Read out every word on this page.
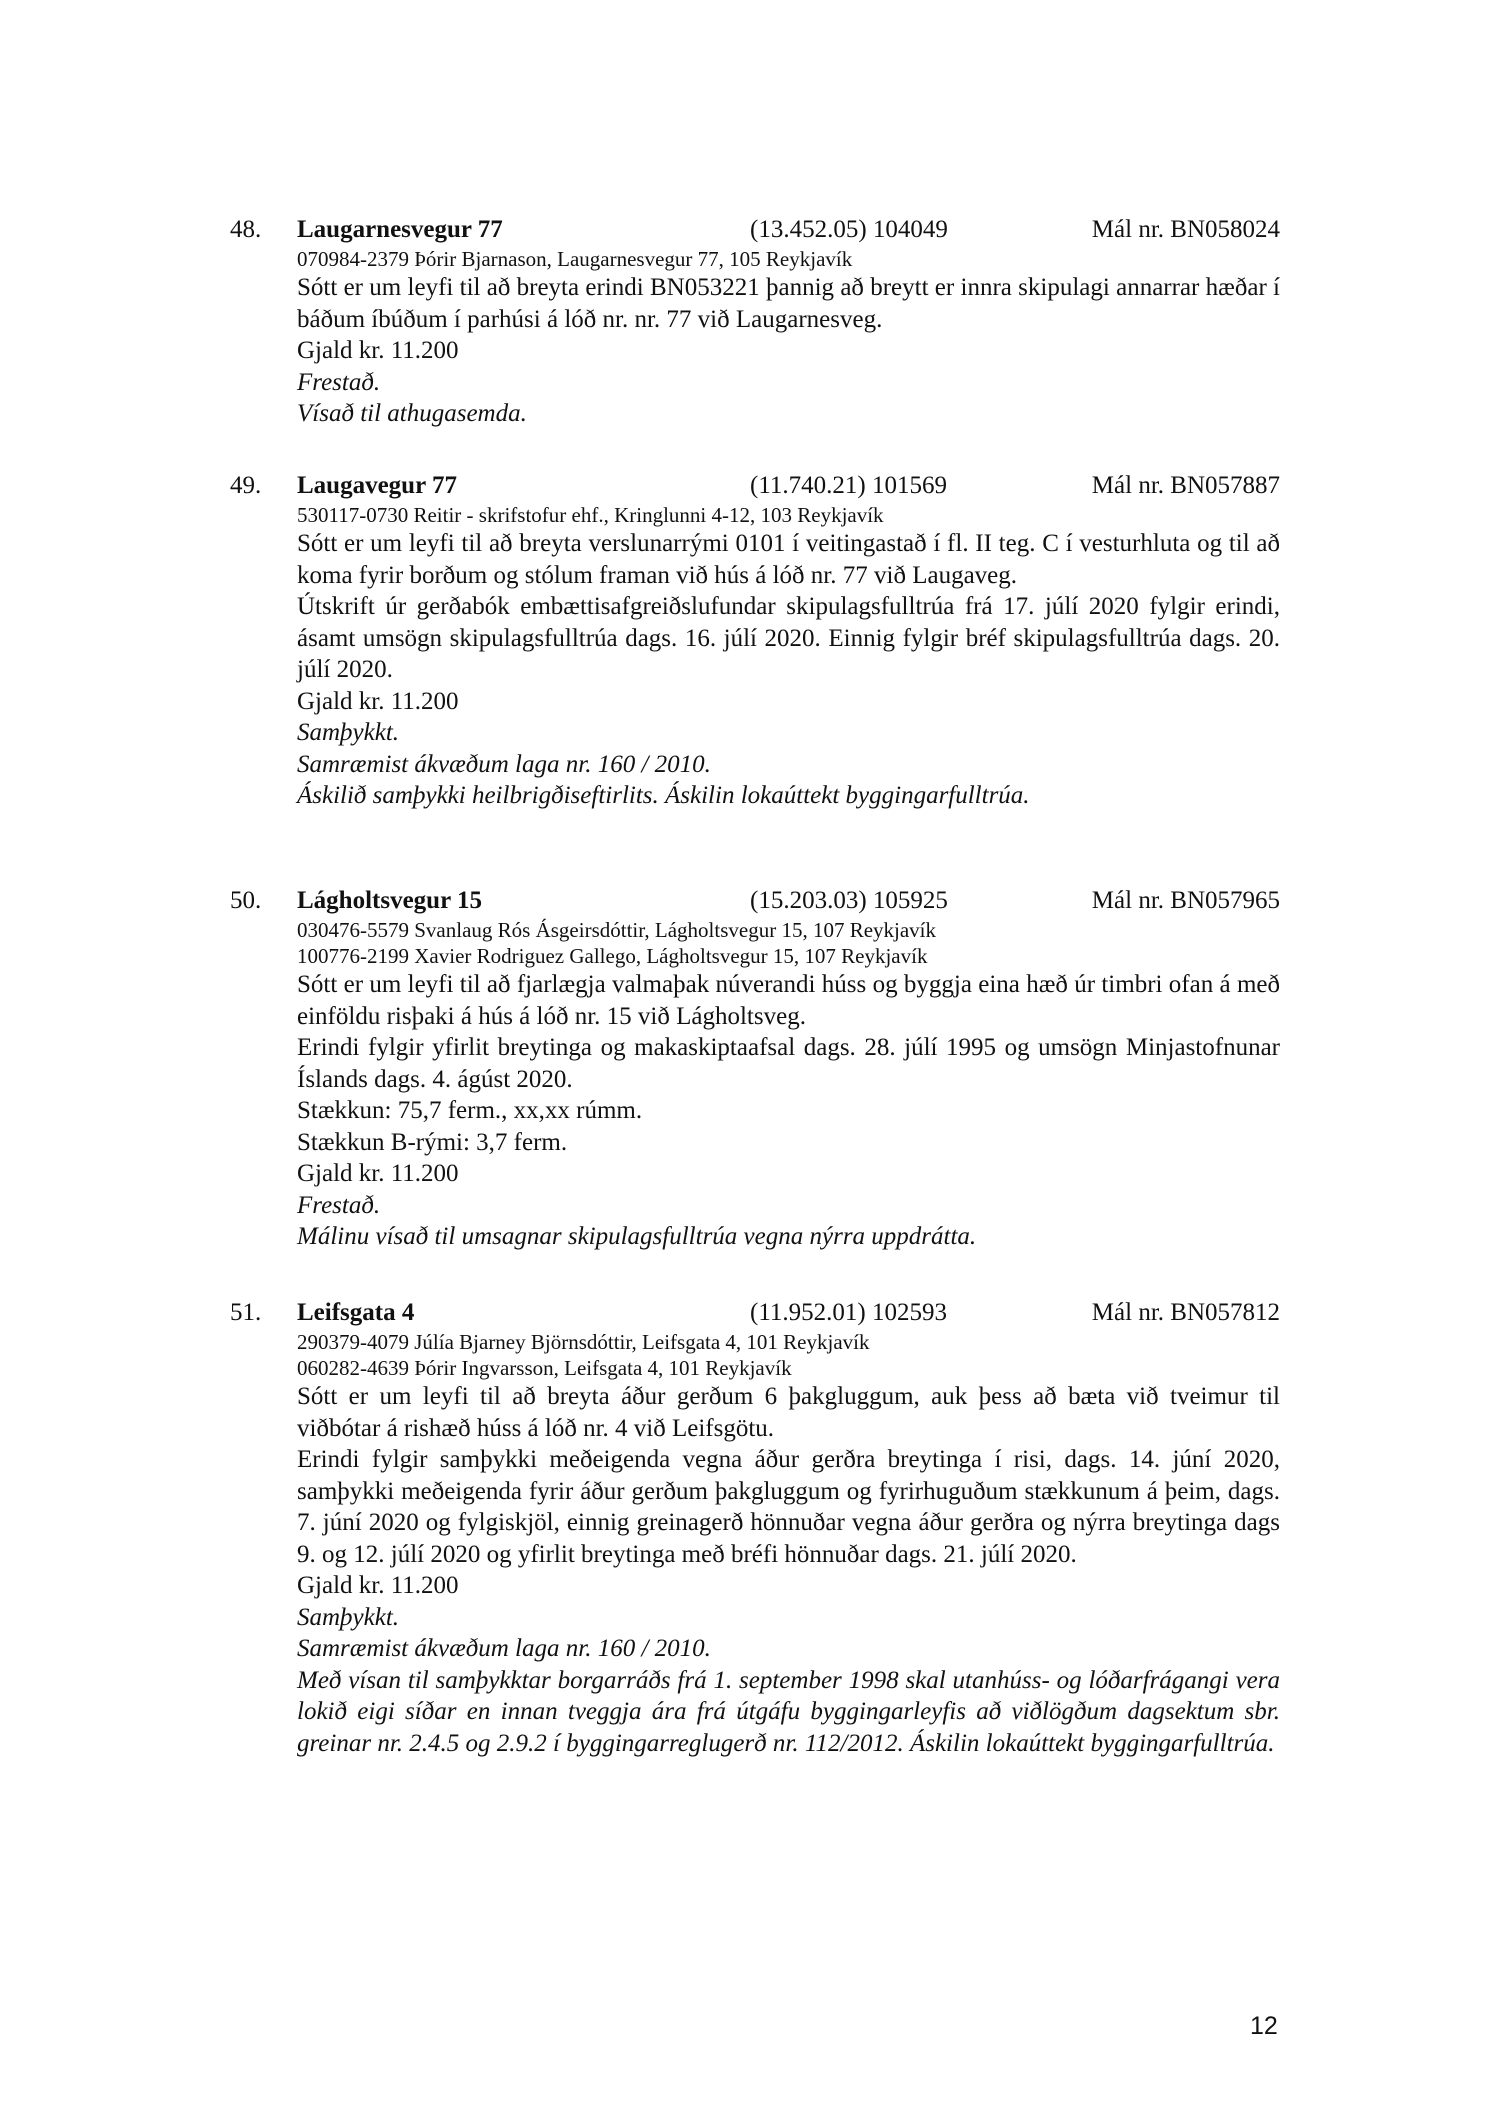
48. Laugarnesvegur 77	(13.452.05) 104049	Mál nr. BN058024
070984-2379 Þórir Bjarnason, Laugarnesvegur 77, 105 Reykjavík
Sótt er um leyfi til að breyta erindi BN053221 þannig að breytt er innra skipulagi annarrar hæðar í báðum íbúðum í parhúsi á lóð nr. nr. 77 við Laugarnesveg.
Gjald kr. 11.200
Frestað.
Vísað til athugasemda.
49. Laugavegur 77	(11.740.21) 101569	Mál nr. BN057887
530117-0730 Reitir - skrifstofur ehf., Kringlunni 4-12, 103 Reykjavík
Sótt er um leyfi til að breyta verslunarrými 0101 í veitingastað í fl. II teg. C í vesturhluta og til að koma fyrir borðum og stólum framan við hús á lóð nr. 77 við Laugaveg.
Útskrift úr gerðabók embættisafgreiðslufundar skipulagsfulltrúa frá 17. júlí 2020 fylgir erindi, ásamt umsögn skipulagsfulltrúa dags. 16. júlí 2020. Einnig fylgir bréf skipulagsfulltrúa dags. 20. júlí 2020.
Gjald kr. 11.200
Samþykkt.
Samræmist ákvæðum laga nr. 160 / 2010.
Áskilið samþykki heilbrigðiseftirlits. Áskilin lokaúttekt byggingarfulltrúa.
50. Lágholtsvegur 15	(15.203.03) 105925	Mál nr. BN057965
030476-5579 Svanlaug Rós Ásgeirsdóttir, Lágholtsvegur 15, 107 Reykjavík
100776-2199 Xavier Rodriguez Gallego, Lágholtsvegur 15, 107 Reykjavík
Sótt er um leyfi til að fjarlægja valmaþak núverandi húss og byggja eina hæð úr timbri ofan á með einföldu risþaki á hús á lóð nr. 15 við Lágholtsveg.
Erindi fylgir yfirlit breytinga og makaskiptaafsal dags. 28. júlí 1995 og umsögn Minjastofnunar Íslands dags. 4. ágúst 2020.
Stækkun: 75,7 ferm., xx,xx rúmm.
Stækkun B-rými: 3,7 ferm.
Gjald kr. 11.200
Frestað.
Málinu vísað til umsagnar skipulagsfulltrúa vegna nýrra uppdrátta.
51. Leifsgata 4	(11.952.01) 102593	Mál nr. BN057812
290379-4079 Júlía Bjarney Björnsdóttir, Leifsgata 4, 101 Reykjavík
060282-4639 Þórir Ingvarsson, Leifsgata 4, 101 Reykjavík
Sótt er um leyfi til að breyta áður gerðum 6 þakgluggum, auk þess að bæta við tveimur til viðbótar á rishæð húss á lóð nr. 4 við Leifsgötu.
Erindi fylgir samþykki meðeigenda vegna áður gerðra breytinga í risi, dags. 14. júní 2020, samþykki meðeigenda fyrir áður gerðum þakgluggum og fyrirhuguðum stækkunum á þeim, dags. 7. júní 2020 og fylgiskjöl, einnig greinagerð hönnuðar vegna áður gerðra og nýrra breytinga dags 9. og 12. júlí 2020 og yfirlit breytinga með bréfi hönnuðar dags. 21. júlí 2020.
Gjald kr. 11.200
Samþykkt.
Samræmist ákvæðum laga nr. 160 / 2010.
Með vísan til samþykktar borgarráðs frá 1. september 1998 skal utanhúss- og lóðarfrágangi vera lokið eigi síðar en innan tveggja ára frá útgáfu byggingarleyfis að viðlögðum dagsektum sbr. greinar nr. 2.4.5 og 2.9.2 í byggingarreglugerð nr. 112/2012. Áskilin lokaúttekt byggingarfulltrúa.
12
